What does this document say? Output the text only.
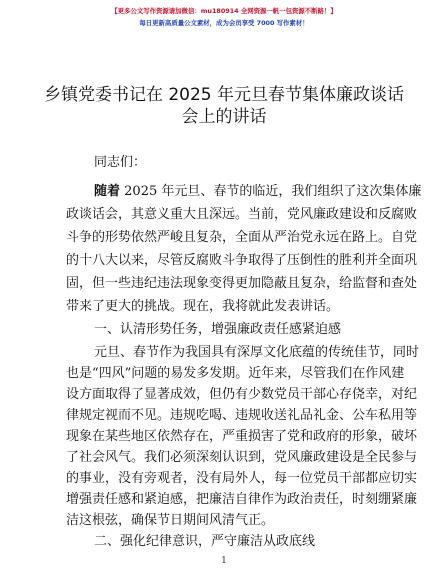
【更多公文写作资源请加微信：mu180914 全网资源一帆一包资源不断路！】
每日更新高质量公文素材，成为会员享受 7000 写作素材！
乡镇党委书记在 2025 年元旦春节集体廉政谈话
会上的讲话
同志们：
随着 2025 年元旦、春节的临近，我们组织了这次集体廉
政谈话会，其意义重大且深远。当前，党风廉政建设和反腐败
斗争的形势依然严峻且复杂，全面从严治党永远在路上。自党
的十八大以来，尽管反腐败斗争取得了压倒性的胜利并全面巩
固，但一些违纪违法现象变得更加隐蔽且复杂，给监督和查处
带来了更大的挑战。现在，我将就此发表讲话。
一、认清形势任务，增强廉政责任感紧迫感
元旦、春节作为我国具有深厚文化底蕴的传统佳节，同时
也是“四风”问题的易发多发期。近年来，尽管我们在作风建
设方面取得了显著成效，但仍有少数党员干部心存侥幸，对纪
律规定视而不见。违规吃喝、违规收送礼品礼金、公车私用等
现象在某些地区依然存在，严重损害了党和政府的形象，破坏
了社会风气。我们必须深刻认识到，党风廉政建设是全民参与
的事业，没有旁观者，没有局外人，每一位党员干部都应切实
增强责任感和紧迫感，把廉洁自律作为政治责任，时刻绷紧廉
洁这根弦，确保节日期间风清气正。
1
二、强化纪律意识，严守廉洁从政底线
